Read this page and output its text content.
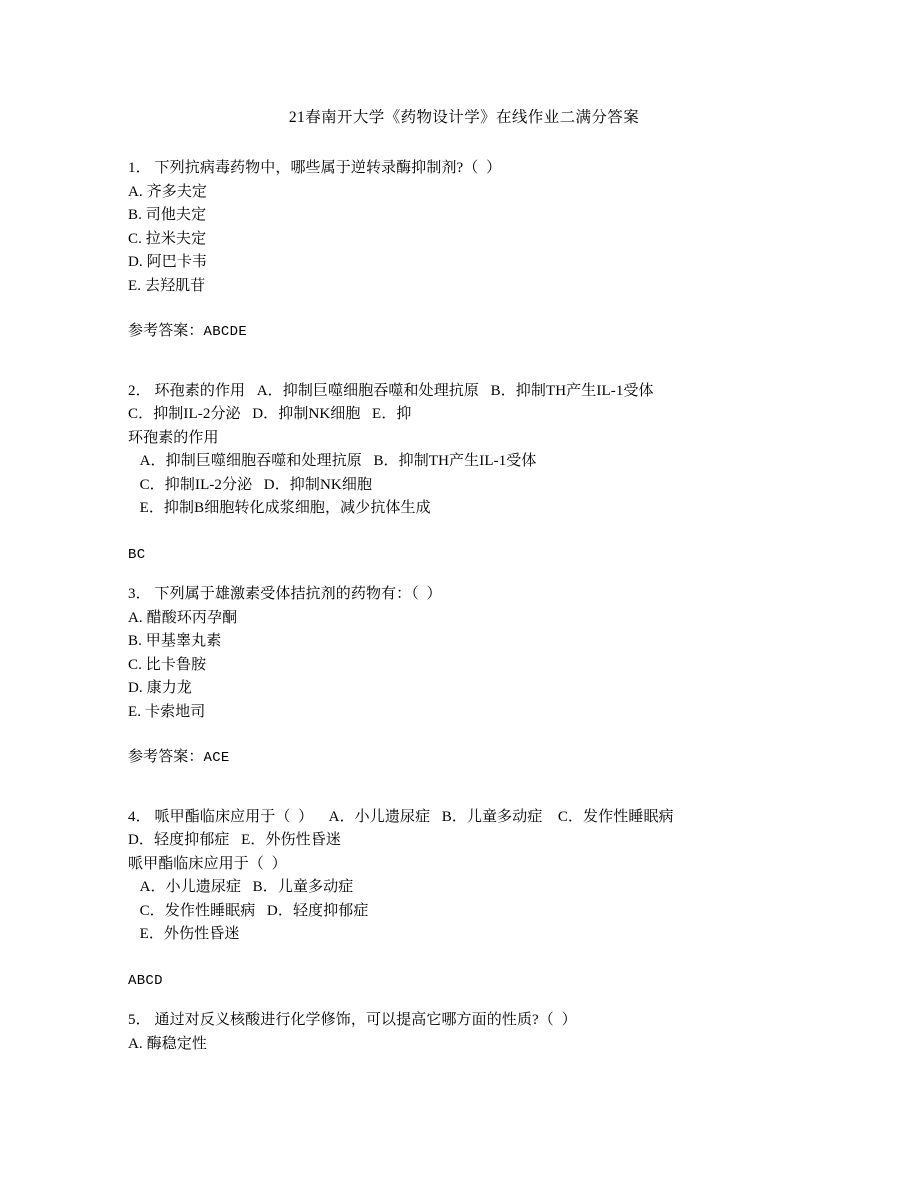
21春南开大学《药物设计学》在线作业二满分答案
1． 下列抗病毒药物中，哪些属于逆转录酶抑制剂?（  ）
A. 齐多夫定
B. 司他夫定
C. 拉米夫定
D. 阿巴卡韦
E. 去羟肌苷
参考答案：ABCDE
2． 环孢素的作用   A．抑制巨噬细胞吞噬和处理抗原   B．抑制TH产生IL-1受体
C．抑制IL-2分泌   D．抑制NK细胞   E．抑
环孢素的作用
A．抑制巨噬细胞吞噬和处理抗原   B．抑制TH产生IL-1受体
C．抑制IL-2分泌   D．抑制NK细胞
E．抑制B细胞转化成浆细胞，减少抗体生成
BC
3． 下列属于雄激素受体拮抗剂的药物有：（  ）
A. 醋酸环丙孕酮
B. 甲基睾丸素
C. 比卡鲁胺
D. 康力龙
E. 卡索地司
参考答案：ACE
4． 哌甲酯临床应用于（  ）    A．小儿遗尿症   B．儿童多动症    C．发作性睡眠病
D．轻度抑郁症   E．外伤性昏迷
哌甲酯临床应用于（  ）
A．小儿遗尿症   B．儿童多动症
C．发作性睡眠病   D．轻度抑郁症
E．外伤性昏迷
ABCD
5． 通过对反义核酸进行化学修饰，可以提高它哪方面的性质?（  ）
A. 酶稳定性
